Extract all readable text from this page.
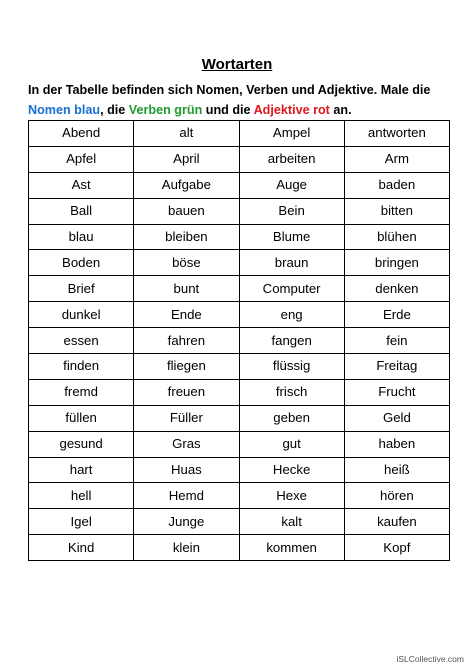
Wortarten
In der Tabelle befinden sich Nomen, Verben und Adjektive. Male die
Nomen blau, die Verben grün und die Adjektive rot an.
Abend	alt	Ampel	antworten
Apfel	April	arbeiten	Arm
Ast	Aufgabe	Auge	baden
Ball	bauen	Bein	bitten
blau	bleiben	Blume	blühen
Boden	böse	braun	bringen
Brief	bunt	Computer	denken
dunkel	Ende	eng	Erde
essen	fahren	fangen	fein
finden	fliegen	flüssig	Freitag
fremd	freuen	frisch	Frucht
füllen	Füller	geben	Geld
gesund	Gras	gut	haben
hart	Huas	Hecke	heiß
hell	Hemd	Hexe	hören
Igel	Junge	kalt	kaufen
Kind	klein	kommen	Kopf
iSLCollective.com
